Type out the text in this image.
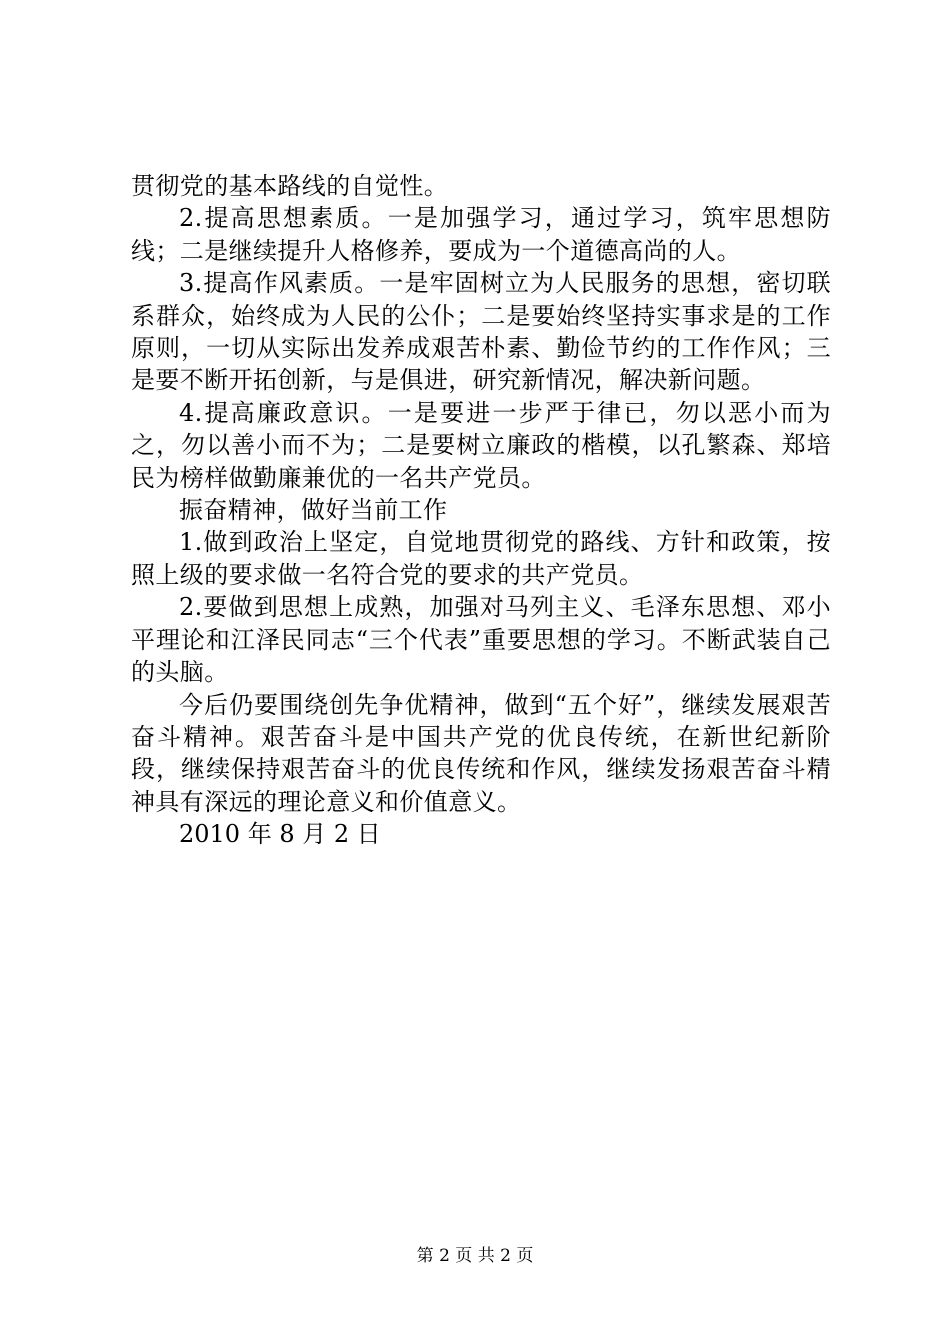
贯彻党的基本路线的自觉性。

2.提高思想素质。一是加强学习，通过学习，筑牢思想防线；二是继续提升人格修养，要成为一个道德高尚的人。

3.提高作风素质。一是牢固树立为人民服务的思想，密切联系群众，始终成为人民的公仆；二是要始终坚持实事求是的工作原则，一切从实际出发养成艰苦朴素、勤俭节约的工作作风；三是要不断开拓创新，与是俱进，研究新情况，解决新问题。

4.提高廉政意识。一是要进一步严于律已，勿以恶小而为之，勿以善小而不为；二是要树立廉政的楷模，以孔繁森、郑培民为榜样做勤廉兼优的一名共产党员。

振奋精神，做好当前工作

1.做到政治上坚定，自觉地贯彻党的路线、方针和政策，按照上级的要求做一名符合党的要求的共产党员。

2.要做到思想上成熟，加强对马列主义、毛泽东思想、邓小平理论和江泽民同志“三个代表”重要思想的学习。不断武装自己的头脑。

今后仍要围绕创先争优精神，做到“五个好”，继续发展艰苦奋斗精神。艰苦奋斗是中国共产党的优良传统，在新世纪新阶段，继续保持艰苦奋斗的优良传统和作风，继续发扬艰苦奋斗精神具有深远的理论意义和价值意义。

2010 年 8 月 2 日

第 2 页 共 2 页
